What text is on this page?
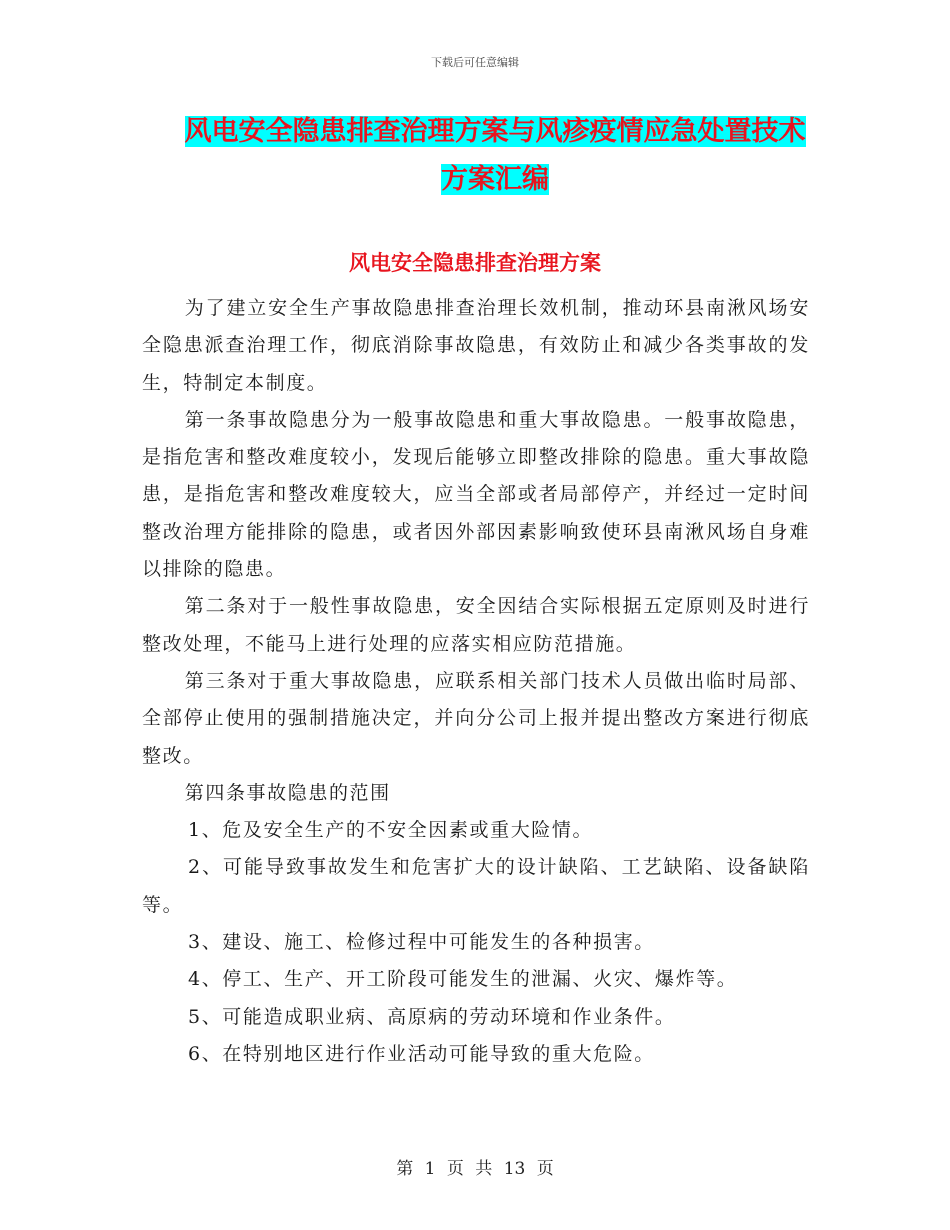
下载后可任意编辑
风电安全隐患排查治理方案与风疹疫情应急处置技术
方案汇编
风电安全隐患排查治理方案

为了建立安全生产事故隐患排查治理长效机制，推动环县南湫风场安全隐患派查治理工作，彻底消除事故隐患，有效防止和减少各类事故的发生，特制定本制度。

第一条事故隐患分为一般事故隐患和重大事故隐患。一般事故隐患，是指危害和整改难度较小，发现后能够立即整改排除的隐患。重大事故隐患，是指危害和整改难度较大，应当全部或者局部停产，并经过一定时间整改治理方能排除的隐患，或者因外部因素影响致使环县南湫风场自身难以排除的隐患。

第二条对于一般性事故隐患，安全因结合实际根据五定原则及时进行整改处理，不能马上进行处理的应落实相应防范措施。

第三条对于重大事故隐患，应联系相关部门技术人员做出临时局部、全部停止使用的强制措施决定，并向分公司上报并提出整改方案进行彻底整改。

第四条事故隐患的范围

1、危及安全生产的不安全因素或重大险情。

2、可能导致事故发生和危害扩大的设计缺陷、工艺缺陷、设备缺陷等。

3、建设、施工、检修过程中可能发生的各种损害。

4、停工、生产、开工阶段可能发生的泄漏、火灾、爆炸等。

5、可能造成职业病、高原病的劳动环境和作业条件。

6、在特别地区进行作业活动可能导致的重大危险。

第 1 页 共 13 页
